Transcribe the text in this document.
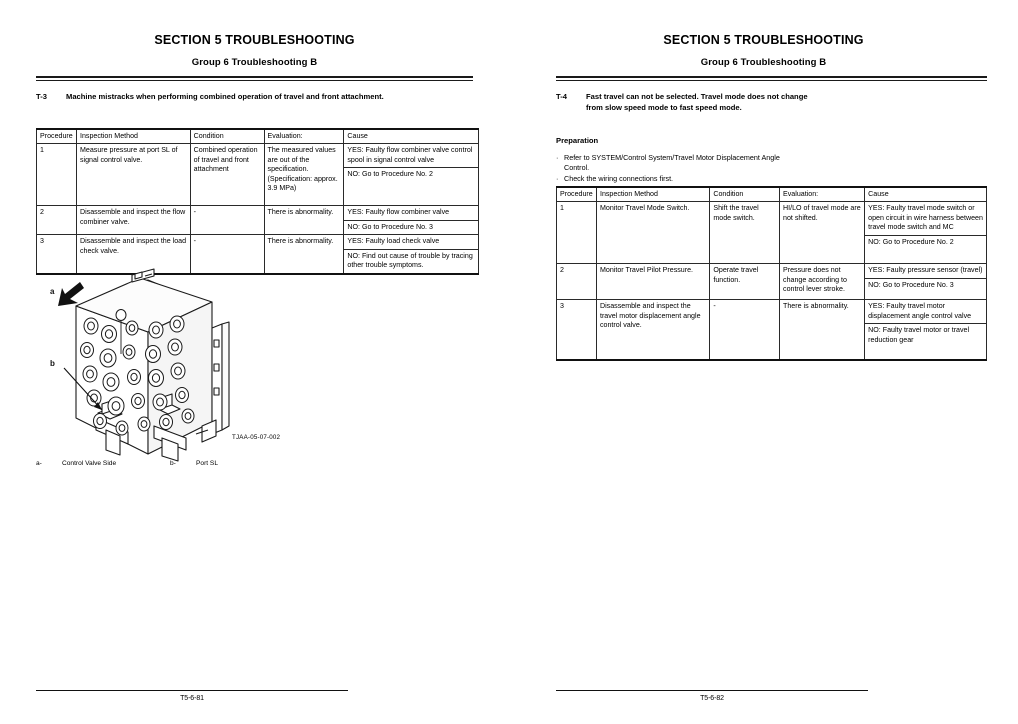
SECTION 5 TROUBLESHOOTING
Group 6 Troubleshooting B
T-3	Machine mistracks when performing combined operation of travel and front attachment.
Procedure	Inspection Method	Condition	Evaluation:	Cause
1	Measure pressure at port SL of signal control valve.	Combined operation of travel and front attachment	The measured values are out of the specification. (Specification: approx. 3.9 MPa)	YES: Faulty flow combiner valve control spool in signal control valve
NO: Go to Procedure No. 2

2	Disassemble and inspect the flow combiner valve.	-	There is abnormality.	YES: Faulty flow combiner valve
NO: Go to Procedure No. 3

3	Disassemble and inspect the load check valve.	-	There is abnormality.	YES: Faulty load check valve
NO: Find out cause of trouble by tracing other trouble symptoms.
a
b
TJAA-05-07-002
a-	Control Valve Side	b-	Port SL
T5-6-81
SECTION 5 TROUBLESHOOTING
Group 6 Troubleshooting B
T-4	Fast travel can not be selected. Travel mode does not change from slow speed mode to fast speed mode.
Preparation
· Refer to SYSTEM/Control System/Travel Motor Displacement Angle Control.
· Check the wiring connections first.
Procedure	Inspection Method	Condition	Evaluation:	Cause
1	Monitor Travel Mode Switch.	Shift the travel mode switch.	HI/LO of travel mode are not shifted.	YES: Faulty travel mode switch or open circuit in wire harness between travel mode switch and MC
NO: Go to Procedure No. 2

2	Monitor Travel Pilot Pressure.	Operate travel function.	Pressure does not change according to control lever stroke.	YES: Faulty pressure sensor (travel)
NO: Go to Procedure No. 3

3	Disassemble and inspect the travel motor displacement angle control valve.	-	There is abnormality.	YES: Faulty travel motor displacement angle control valve
NO: Faulty travel motor or travel reduction gear
T5-6-82
